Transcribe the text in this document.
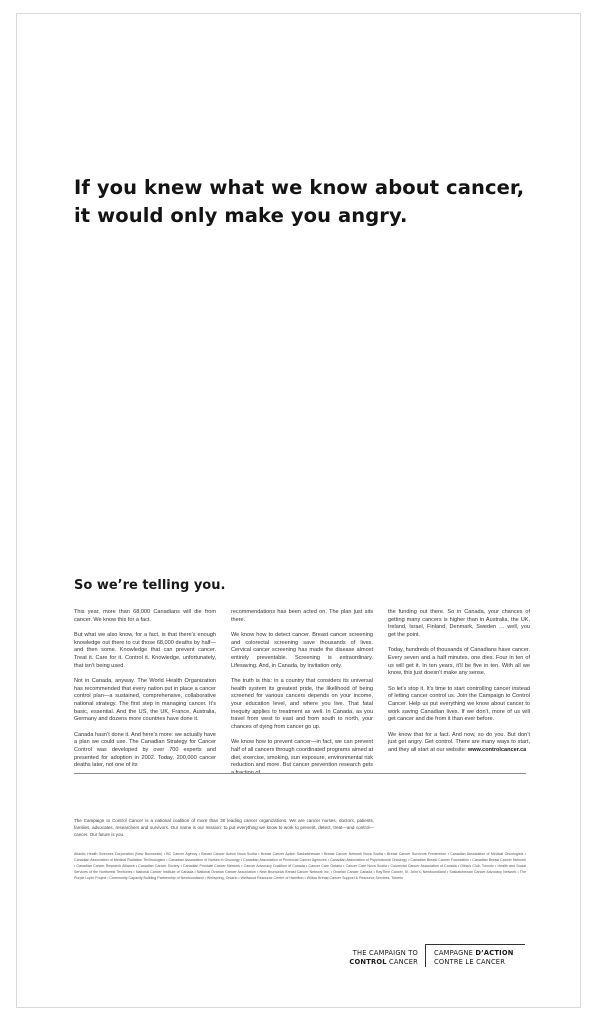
If you knew what we know about cancer,
it would only make you angry.
So we’re telling you.

This year, more than 68,000 Canadians will die from cancer. We know this for a fact.

But what we also know, for a fact, is that there’s enough knowledge out there to cut those 68,000 deaths by half—and then some. Knowledge that can prevent cancer. Treat it. Care for it. Control it. Knowledge, unfortunately, that isn’t being used.

Not in Canada, anyway. The World Health Organization has recommended that every nation put in place a cancer control plan—a sustained, comprehensive, collaborative national strategy. The first step in managing cancer. It’s basic, essential. And the US, the UK, France, Australia, Germany and dozens more countries have done it.

Canada hasn’t done it. And here’s more: we actually have a plan we could use. The Canadian Strategy for Cancer Control was developed by over 700 experts and presented for adoption in 2002. Today, 200,000 cancer deaths later, not one of its

recommendations has been acted on. The plan just sits there.

We know how to detect cancer. Breast cancer screening and colorectal screening save thousands of lives. Cervical cancer screening has made the disease almost entirely preventable. Screening is extraordinary. Lifesaving. And, in Canada, by invitation only.

The truth is this: in a country that considers its universal health system its greatest pride, the likelihood of being screened for various cancers depends on your income, your education level, and where you live. That fatal inequity applies to treatment as well. In Canada, as you travel from west to east and from south to north, your chances of dying from cancer go up.

We know how to prevent cancer—in fact, we can prevent half of all cancers through coordinated programs aimed at diet, exercise, smoking, sun exposure, environmental risk reduction and more. But cancer prevention research gets

the funding out there. So in Canada, your chances of getting many cancers is higher than in Australia, the UK, Ireland, Israel, Finland, Denmark, Sweden … well, you get the point.

Today, hundreds of thousands of Canadians have cancer. Every seven and a half minutes, one dies. Four in ten of us will get it. In ten years, it’ll be five in ten. With all we know, this just doesn’t make any sense.

So let’s stop it. It’s time to start controlling cancer instead of letting cancer control us. Join the Campaign to Control Cancer. Help us put everything we know about cancer to work saving Canadian lives. If we don’t, more of us will get cancer and die from it than ever before.

We know that for a fact. And now, so do you. But don’t just get angry. Get control. There are many ways to start, and they all start at our website: www.controlcancer.ca

The Campaign to Control Cancer is a national coalition of more than 30 leading cancer organizations. We are cancer nurses, doctors, patients, families, advocates, researchers and survivors. Our name is our mission: to put everything we know to work to prevent, detect, treat—and control—cancer. Our future is you.
Atlantic Health Sciences Corporation (New Brunswick) • BC Cancer Agency • Breast Cancer Action Nova Scotia • Breast Cancer Action Saskatchewan • Breast Cancer Network Nova Scotia • Breast Cancer Survivors Fredericton • Canadian Association of Medical Oncologists • Canadian Association of Medical Radiation Technologists • Canadian Association of Nurses in Oncology • Canadian Association of Provincial Cancer Agencies • Canadian Association of Psychosocial Oncology • Canadian Breast Cancer Foundation • Canadian Breast Cancer Network • Canadian Cancer Research Alliance • Canadian Cancer Society • Canadian Prostate Cancer Network • Cancer Advocacy Coalition of Canada • Cancer Care Ontario • Cancer Care Nova Scotia • Colorectal Cancer Association of Canada • Gilda’s Club, Toronto • Health and Social Services of the Northwest Territories • National Cancer Institute of Canada • National Ovarian Cancer Association • New Brunswick Breast Cancer Network Inc. • Ovarian Cancer Canada • RayTime Cancer, St. John’s, Newfoundland • Saskatchewan Cancer Advocacy Network • The Purple Lupin Project / Community Capacity Building Partnership of Newfoundland • Wellspring, Ontario • Wellwood Resource Centre of Hamilton • Willow Breast Cancer Support & Resource Services, Toronto
THE CAMPAIGN TO
CONTROL CANCER
CAMPAGNE D’ACTION
CONTRE LE CANCER
